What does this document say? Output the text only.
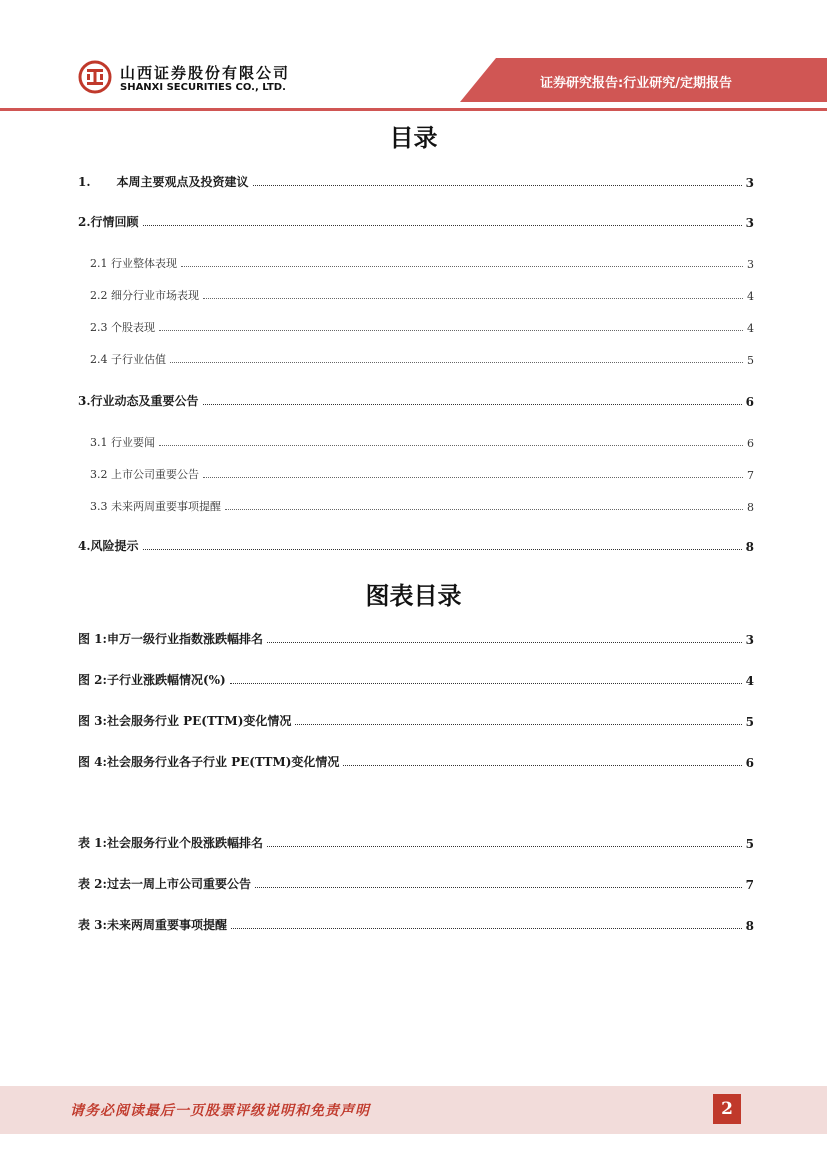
山西证券股份有限公司
SHANXI SECURITIES CO., LTD.	证券研究报告:行业研究/定期报告
目录
1. 本周主要观点及投资建议	3
2.行情回顾	3
2.1 行业整体表现	3
2.2 细分行业市场表现	4
2.3 个股表现	4
2.4 子行业估值	5
3.行业动态及重要公告	6
3.1 行业要闻	6
3.2 上市公司重要公告	7
3.3 未来两周重要事项提醒	8
4.风险提示	8
图表目录
图 1:申万一级行业指数涨跌幅排名	3
图 2:子行业涨跌幅情况(%)	4
图 3:社会服务行业 PE(TTM)变化情况	5
图 4:社会服务行业各子行业 PE(TTM)变化情况	6
表 1:社会服务行业个股涨跌幅排名	5
表 2:过去一周上市公司重要公告	7
表 3:未来两周重要事项提醒	8
请务必阅读最后一页股票评级说明和免责声明	2
